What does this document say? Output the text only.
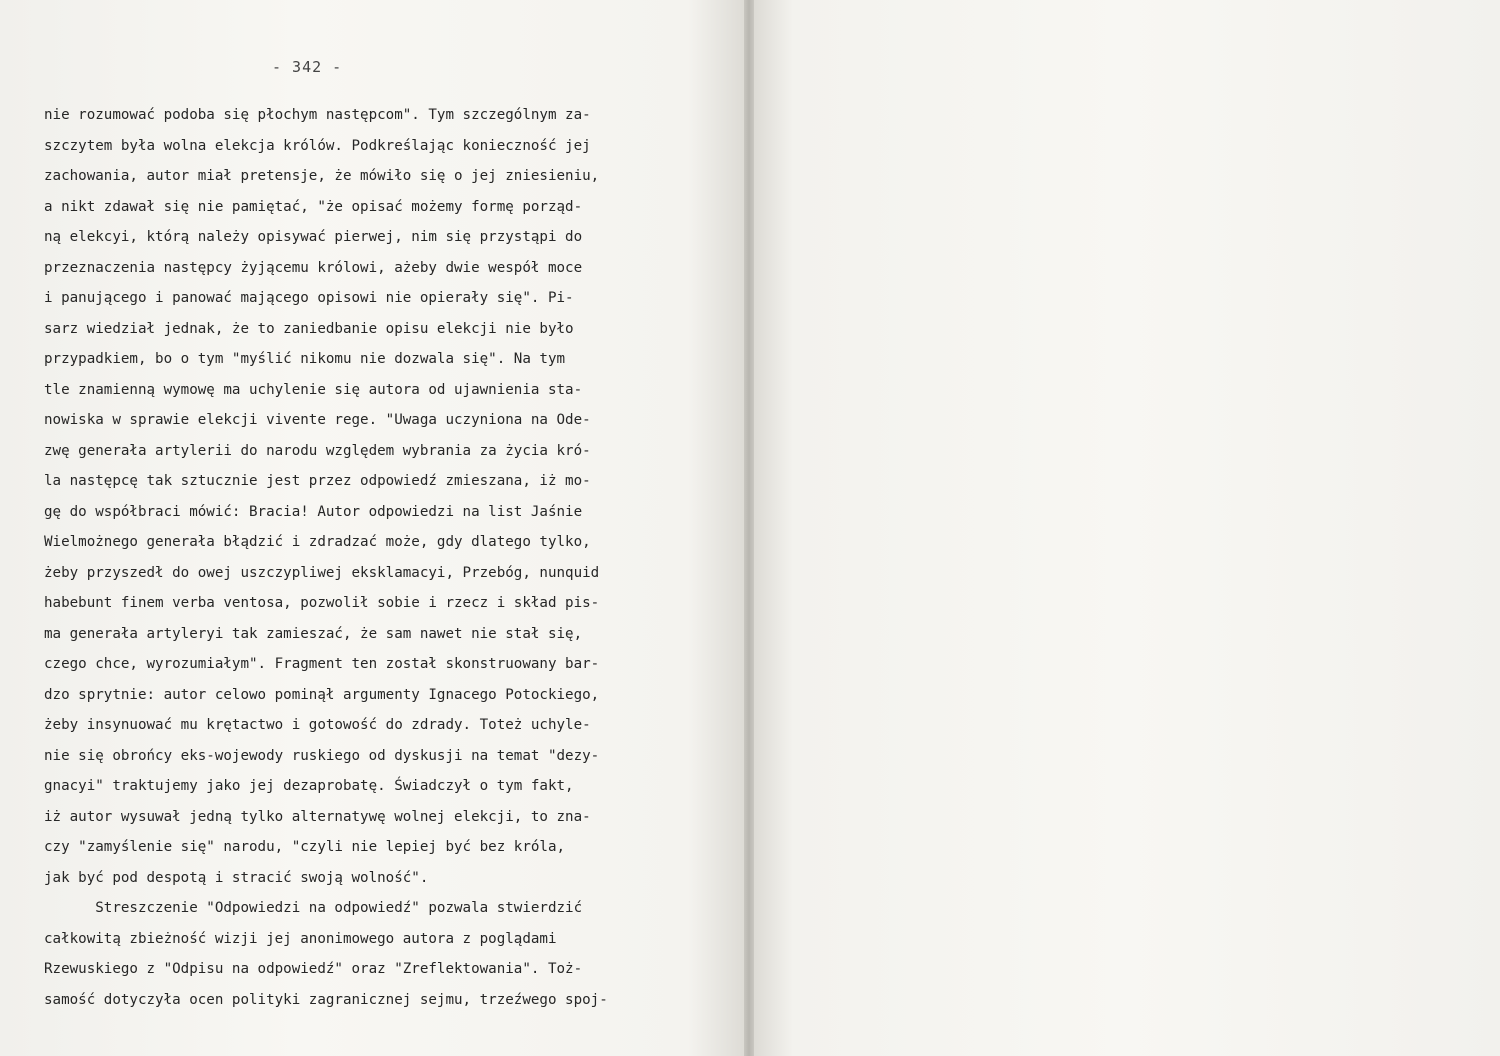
- 342 -
nie rozumować podoba się płochym następcom". Tym szczególnym za-
szczytem była wolna elekcja królów. Podkreślając konieczność jej
zachowania, autor miał pretensje, że mówiło się o jej zniesieniu,
a nikt zdawał się nie pamiętać, "że opisać możemy formę porząd-
ną elekcyi, którą należy opisywać pierwej, nim się przystąpi do
przeznaczenia następcy żyjącemu królowi, ażeby dwie wespół moce
i panującego i panować mającego opisowi nie opierały się". Pi-
sarz wiedział jednak, że to zaniedbanie opisu elekcji nie było
przypadkiem, bo o tym "myślić nikomu nie dozwala się". Na tym
tle znamienną wymowę ma uchylenie się autora od ujawnienia sta-
nowiska w sprawie elekcji vivente rege. "Uwaga uczyniona na Ode-
zwę generała artylerii do narodu względem wybrania za życia kró-
la następcę tak sztucznie jest przez odpowiedź zmieszana, iż mo-
gę do współbraci mówić: Bracia! Autor odpowiedzi na list Jaśnie
Wielmożnego generała błądzić i zdradzać może, gdy dlatego tylko,
żeby przyszedł do owej uszczypliwej eksklamacyi, Przebóg, nunquid
habebunt finem verba ventosa, pozwolił sobie i rzecz i skład pis-
ma generała artyleryi tak zamieszać, że sam nawet nie stał się,
czego chce, wyrozumiałym". Fragment ten został skonstruowany bar-
dzo sprytnie: autor celowo pominął argumenty Ignacego Potockiego,
żeby insynuować mu krętactwo i gotowość do zdrady. Toteż uchyle-
nie się obrońcy eks-wojewody ruskiego od dyskusji na temat "dezy-
gnacyi" traktujemy jako jej dezaprobatę. Świadczył o tym fakt,
iż autor wysuwał jedną tylko alternatywę wolnej elekcji, to zna-
czy "zamyślenie się" narodu, "czyli nie lepiej być bez króla,
jak być pod despotą i stracić swoją wolność".
Streszczenie "Odpowiedzi na odpowiedź" pozwala stwierdzić
całkowitą zbieżność wizji jej anonimowego autora z poglądami
Rzewuskiego z "Odpisu na odpowiedź" oraz "Zreflektowania". Toż-
samość dotyczyła ocen polityki zagranicznej sejmu, trzeźwego spoj-
